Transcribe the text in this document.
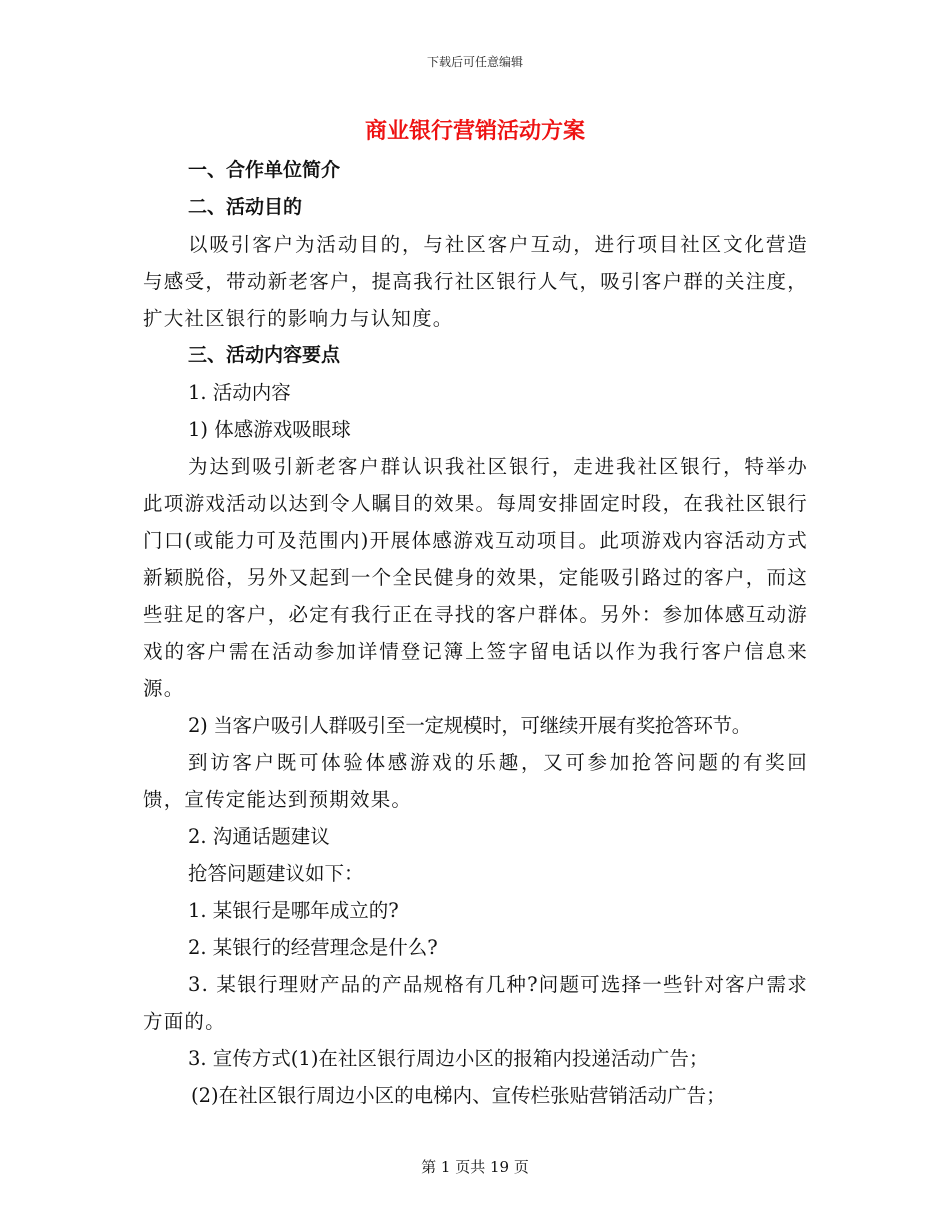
下载后可任意编辑
商业银行营销活动方案
一、合作单位简介
二、活动目的
以吸引客户为活动目的，与社区客户互动，进行项目社区文化营造与感受，带动新老客户，提高我行社区银行人气，吸引客户群的关注度，扩大社区银行的影响力与认知度。
三、活动内容要点
1. 活动内容
1) 体感游戏吸眼球
为达到吸引新老客户群认识我社区银行，走进我社区银行，特举办此项游戏活动以达到令人瞩目的效果。每周安排固定时段，在我社区银行门口(或能力可及范围内)开展体感游戏互动项目。此项游戏内容活动方式新颖脱俗，另外又起到一个全民健身的效果，定能吸引路过的客户，而这些驻足的客户，必定有我行正在寻找的客户群体。另外：参加体感互动游戏的客户需在活动参加详情登记簿上签字留电话以作为我行客户信息来源。
2) 当客户吸引人群吸引至一定规模时，可继续开展有奖抢答环节。
到访客户既可体验体感游戏的乐趣，又可参加抢答问题的有奖回馈，宣传定能达到预期效果。
2. 沟通话题建议
抢答问题建议如下：
1. 某银行是哪年成立的?
2. 某银行的经营理念是什么?
3. 某银行理财产品的产品规格有几种?问题可选择一些针对客户需求方面的。
3. 宣传方式(1)在社区银行周边小区的报箱内投递活动广告；
(2)在社区银行周边小区的电梯内、宣传栏张贴营销活动广告；
第 1 页共 19 页
